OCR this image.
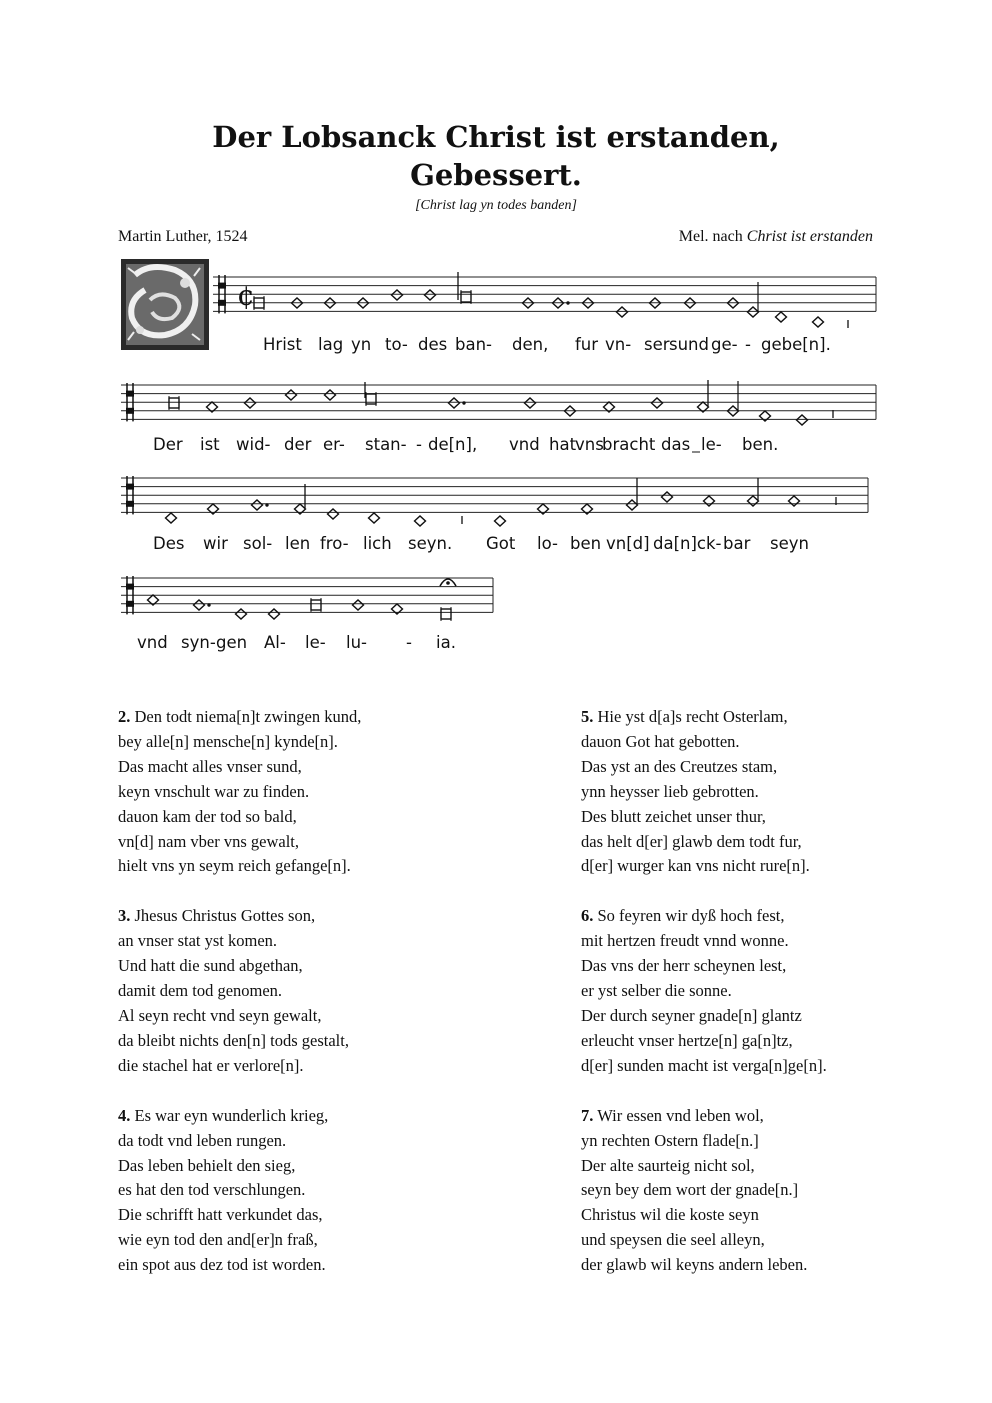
Der Lobsanck Christ ist erstanden,
Gebessert.
[Christ lag yn todes banden]
Martin Luther, 1524	Mel. nach Christ ist erstanden
¢
Hrist lag yn to- des ban- den, fur vn- ser sund ge- - gebe[n].
Der ist wid- der er- stan- - de[n], vnd hat
vns
bracht das le- ben.
Des wir sol- len fro- lich seyn. Got lo- ben vn[d] da[n]ck- bar seyn
vnd syn- gen Al- le- lu- - ia.
2. Den todt niema[n]t zwingen kund,
bey alle[n] mensche[n] kynde[n].
Das macht alles vnser sund,
keyn vnschult war zu finden.
dauon kam der tod so bald,
vn[d] nam vber vns gewalt,
hielt vns yn seym reich gefange[n].
3. Jhesus Christus Gottes son,
an vnser stat yst komen.
Und hatt die sund abgethan,
damit dem tod genomen.
Al seyn recht vnd seyn gewalt,
da bleibt nichts den[n] tods gestalt,
die stachel hat er verlore[n].
4. Es war eyn wunderlich krieg,
da todt vnd leben rungen.
Das leben behielt den sieg,
es hat den tod verschlungen.
Die schrifft hatt verkundet das,
wie eyn tod den and[er]n fraß,
ein spot aus dez tod ist worden.
5. Hie yst d[a]s recht Osterlam,
dauon Got hat gebotten.
Das yst an des Creutzes stam,
ynn heysser lieb gebrotten.
Des blutt zeichet unser thur,
das helt d[er] glawb dem todt fur,
d[er] wurger kan vns nicht rure[n].
6. So feyren wir dyß hoch fest,
mit hertzen freudt vnnd wonne.
Das vns der herr scheynen lest,
er yst selber die sonne.
Der durch seyner gnade[n] glantz
erleucht vnser hertze[n] ga[n]tz,
d[er] sunden macht ist verga[n]ge[n].
7. Wir essen vnd leben wol,
yn rechten Ostern flade[n.]
Der alte saurteig nicht sol,
seyn bey dem wort der gnade[n.]
Christus wil die koste seyn
und speysen die seel alleyn,
der glawb wil keyns andern leben.
